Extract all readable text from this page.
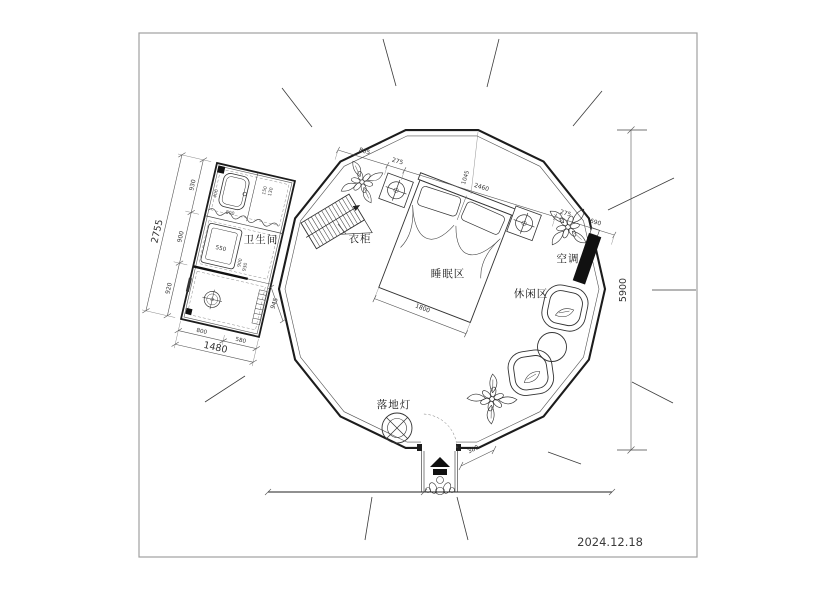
400	150
130
800
550
900
930
930
900
920
2755
800
580
1480
卫生间
945
衣柜
睡眠区
1800
空调
休闲区
落地灯
380
805
275
2460
275
690
1045
5900
2024.12.18
